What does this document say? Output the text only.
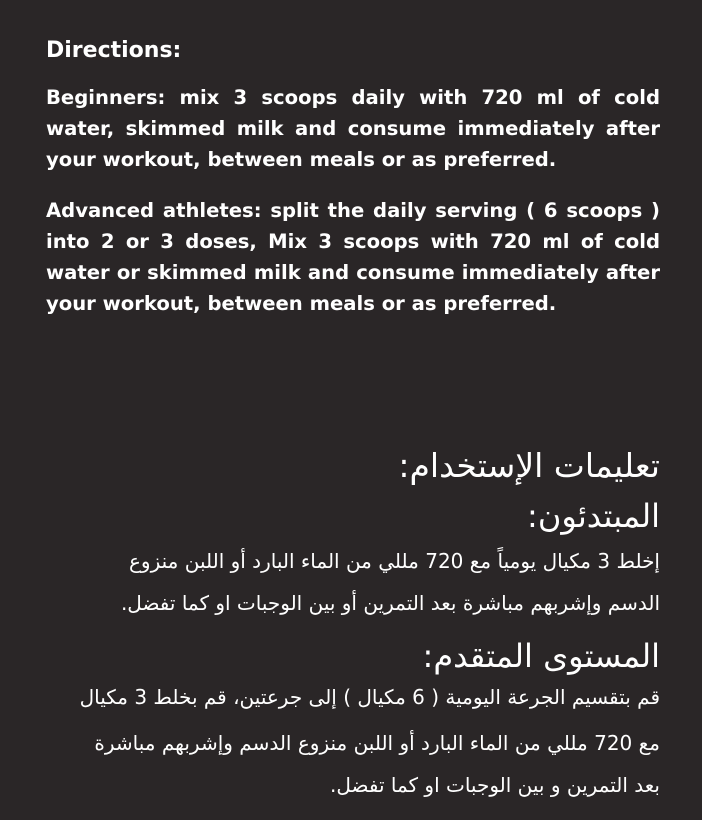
Directions:
Beginners: mix 3 scoops daily with 720 ml of cold water, skimmed milk and consume immediately after your workout, between meals or as preferred.
Advanced athletes: split the daily serving ( 6 scoops ) into 2 or 3 doses, Mix 3 scoops with 720 ml of cold water or skimmed milk and consume immediately after your workout, between meals or as preferred.
تعليمات الإستخدام:
المبتدئون:
إخلط 3 مكيال يومياً مع 720 مللي من الماء البارد أو اللبن منزوع
الدسم وإشربهم مباشرة بعد التمرين أو بين الوجبات او كما تفضل.
المستوى المتقدم:
قم بتقسيم الجرعة اليومية ( 6 مكيال ) إلى جرعتين، قم بخلط 3 مكيال
مع 720 مللي من الماء البارد أو اللبن منزوع الدسم وإشربهم مباشرة
بعد التمرين و بين الوجبات او كما تفضل.
